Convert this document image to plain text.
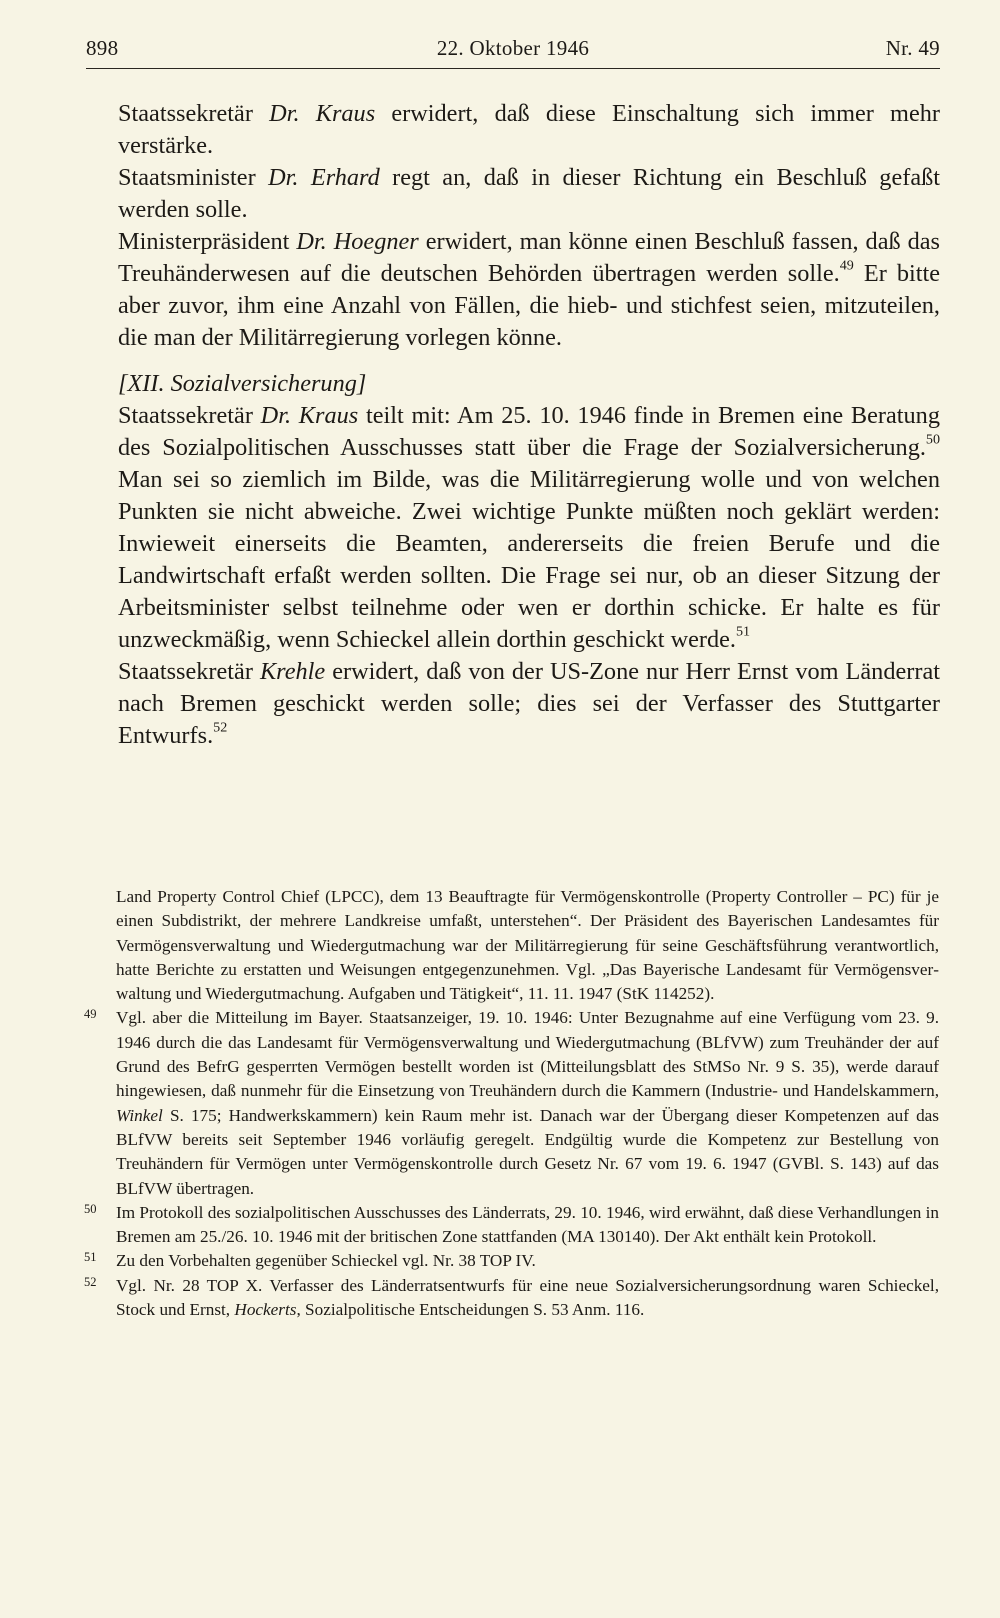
898	22. Oktober 1946	Nr. 49

Staatssekretär Dr. Kraus erwidert, daß diese Einschaltung sich immer mehr verstärke.

Staatsminister Dr. Erhard regt an, daß in dieser Richtung ein Beschluß gefaßt werden solle.

Ministerpräsident Dr. Hoegner erwidert, man könne einen Beschluß fassen, daß das Treuhänderwesen auf die deutschen Behörden übertragen werden solle.$^{49}$ Er bitte aber zuvor, ihm eine Anzahl von Fällen, die hieb- und stichfest seien, mitzuteilen, die man der Militärregierung vorlegen könne.

[XII. Sozialversicherung]

Staatssekretär Dr. Kraus teilt mit: Am 25. 10. 1946 finde in Bremen eine Beratung des Sozialpolitischen Ausschusses statt über die Frage der Sozialversicherung.$^{50}$ Man sei so ziemlich im Bilde, was die Militärregierung wolle und von welchen Punkten sie nicht abweiche. Zwei wichtige Punkte müßten noch geklärt werden: Inwieweit einerseits die Beamten, andererseits die freien Berufe und die Landwirtschaft erfaßt werden sollten. Die Frage sei nur, ob an dieser Sitzung der Arbeitsminister selbst teilnehme oder wen er dorthin schicke. Er halte es für unzweckmäßig, wenn Schieckel allein dorthin geschickt werde.$^{51}$

Staatssekretär Krehle erwidert, daß von der US-Zone nur Herr Ernst vom Länderrat nach Bremen geschickt werden solle; dies sei der Verfasser des Stuttgarter Entwurfs.$^{52}$

Land Property Control Chief (LPCC), dem 13 Beauftragte für Vermögenskontrolle (Property Controller – PC) für je einen Subdistrikt, der mehrere Landkreise umfaßt, unterstehen“. Der Präsident des Bayerischen Landesamtes für Vermögensverwaltung und Wiedergutmachung war der Militärregierung für seine Geschäftsführung verantwortlich, hatte Berichte zu erstatten und Weisungen entgegenzunehmen. Vgl. „Das Bayerische Landesamt für Vermögensverwaltung und Wiedergutmachung. Aufgaben und Tätigkeit“, 11. 11. 1947 (StK 114252).

49 Vgl. aber die Mitteilung im Bayer. Staatsanzeiger, 19. 10. 1946: Unter Bezugnahme auf eine Verfügung vom 23. 9. 1946 durch die das Landesamt für Vermögensverwaltung und Wiedergutmachung (BLfVW) zum Treuhänder der auf Grund des BefrG gesperrten Vermögen bestellt worden ist (Mitteilungsblatt des StMSo Nr. 9 S. 35), werde darauf hingewiesen, daß nunmehr für die Einsetzung von Treuhändern durch die Kammern (Industrie- und Handelskammern, Winkel S. 175; Handwerkskammern) kein Raum mehr ist. Danach war der Übergang dieser Kompetenzen auf das BLfVW bereits seit September 1946 vorläufig geregelt. Endgültig wurde die Kompetenz zur Bestellung von Treuhändern für Vermögen unter Vermögenskontrolle durch Gesetz Nr. 67 vom 19. 6. 1947 (GVBl. S. 143) auf das BLfVW übertragen.

50 Im Protokoll des sozialpolitischen Ausschusses des Länderrats, 29. 10. 1946, wird erwähnt, daß diese Verhandlungen in Bremen am 25./26. 10. 1946 mit der britischen Zone stattfanden (MA 130140). Der Akt enthält kein Protokoll.

51 Zu den Vorbehalten gegenüber Schieckel vgl. Nr. 38 TOP IV.

52 Vgl. Nr. 28 TOP X. Verfasser des Länderratsentwurfs für eine neue Sozialversicherungsordnung waren Schieckel, Stock und Ernst, Hockerts, Sozialpolitische Entscheidungen S. 53 Anm. 116.
